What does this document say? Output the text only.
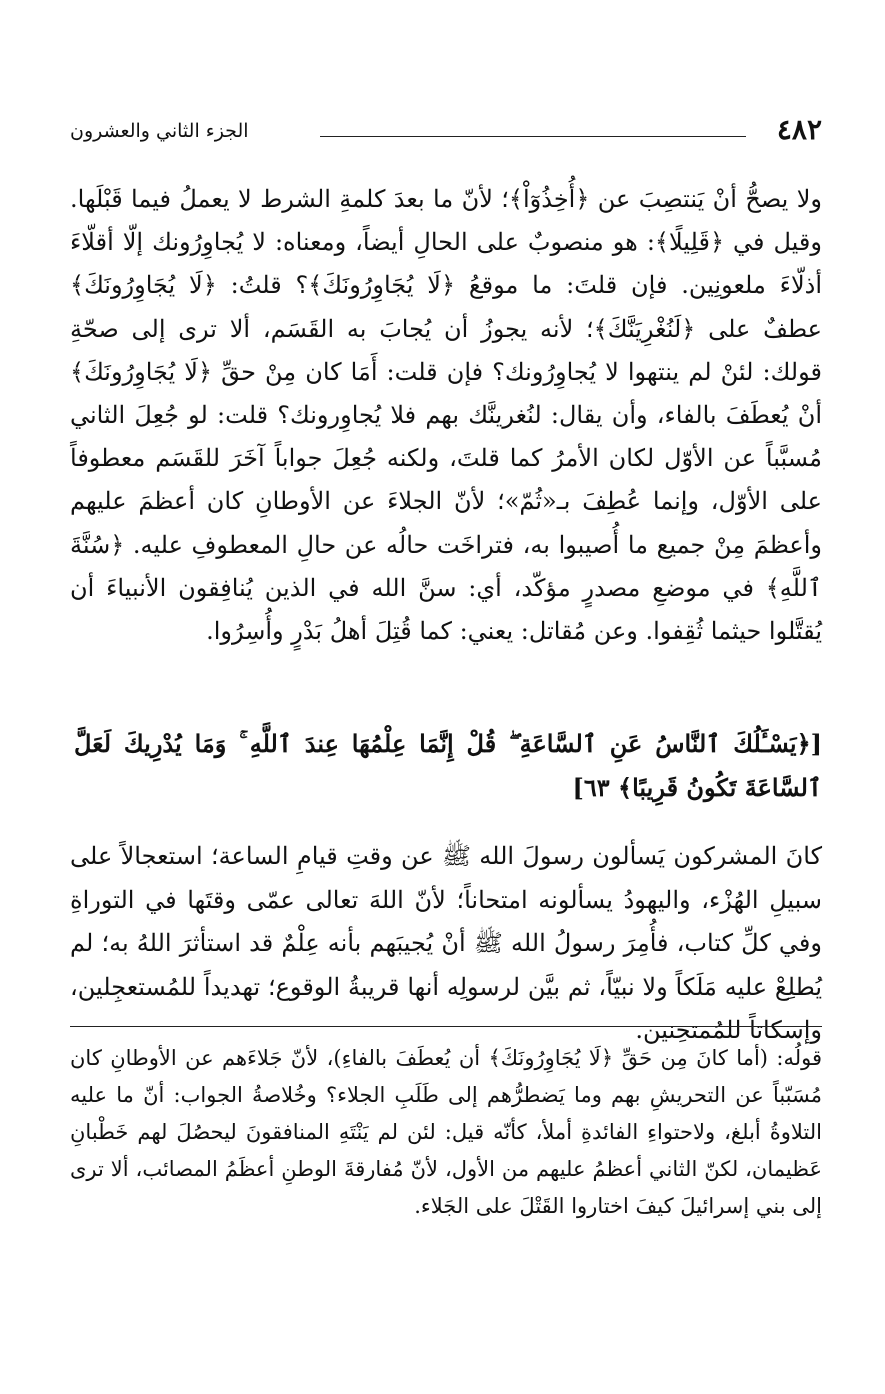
٤٨٢
الجزء الثاني والعشرون

ولا يصحُّ أنْ يَنتصِبَ عن ﴿أُخِذُوٓاْ﴾؛ لأنّ ما بعدَ كلمةِ الشرط لا يعملُ فيما قَبْلَها. وقيل في ﴿قَلِيلًا﴾: هو منصوبٌ على الحالِ أيضاً، ومعناه: لا يُجاوِرُونك إلّا أقلّاءَ أذلّاءَ ملعونِين. فإن قلتَ: ما موقعُ ﴿لَا يُجَاوِرُونَكَ﴾؟ قلتُ: ﴿لَا يُجَاوِرُونَكَ﴾ عطفٌ على ﴿لَنُغْرِيَنَّكَ﴾؛ لأنه يجوزُ أن يُجابَ به القَسَم، ألا ترى إلى صحّةِ قولك: لئنْ لم ينتهوا لا يُجاوِرُونك؟ فإن قلت: أَمَا كان مِنْ حقِّ ﴿لَا يُجَاوِرُونَكَ﴾ أنْ يُعطَفَ بالفاء، وأن يقال: لنُغرينَّك بهم فلا يُجاوِرونك؟ قلت: لو جُعِلَ الثاني مُسبَّباً عن الأوّل لكان الأمرُ كما قلتَ، ولكنه جُعِلَ جواباً آخَرَ للقَسَم معطوفاً على الأوّل، وإنما عُطِفَ بـ«ثُمّ»؛ لأنّ الجلاءَ عن الأوطانِ كان أعظمَ عليهم وأعظمَ مِنْ جميع ما أُصيبوا به، فتراخَت حالُه عن حالِ المعطوفِ عليه. ﴿سُنَّةَ ٱللَّهِ﴾ في موضعِ مصدرٍ مؤكّد، أي: سنَّ الله في الذين يُنافِقون الأنبياءَ أن يُقتَّلوا حيثما ثُقِفوا. وعن مُقاتل: يعني: كما قُتِلَ أهلُ بَدْرٍ وأُسِرُوا.

[﴿يَسْـَٔلُكَ ٱلنَّاسُ عَنِ ٱلسَّاعَةِ ۖ قُلْ إِنَّمَا عِلْمُهَا عِندَ ٱللَّهِ ۚ وَمَا يُدْرِيكَ لَعَلَّ ٱلسَّاعَةَ تَكُونُ قَرِيبًا﴾ ٦٣]

كانَ المشركون يَسألون رسولَ الله ﷺ عن وقتِ قيامِ الساعة؛ استعجالاً على سبيلِ الهُزْء، واليهودُ يسألونه امتحاناً؛ لأنّ اللهَ تعالى عمّى وقتَها في التوراةِ وفي كلِّ كتاب، فأُمِرَ رسولُ الله ﷺ أنْ يُجيبَهم بأنه عِلْمٌ قد استأثرَ اللهُ به؛ لم يُطلِعْ عليه مَلَكاً ولا نبيّاً، ثم بيَّن لرسولِه أنها قريبةُ الوقوع؛ تهديداً للمُستعجِلين، وإسكاتاً للمُمتحِنين.

قولُه: (أما كانَ مِن حَقِّ ﴿لَا يُجَاوِرُونَكَ﴾ أن يُعطَفَ بالفاءِ)، لأنّ جَلاءَهم عن الأوطانِ كان مُسَبّباً عن التحريشِ بهم وما يَضطرُّهم إلى طَلَبِ الجلاء؟ وخُلاصةُ الجواب: أنّ ما عليه التلاوةُ أبلغ، ولاحتواءِ الفائدةِ أملأ، كأنّه قيل: لئن لم يَنْتَهِ المنافقونَ ليحصُلَ لهم خَطْبانِ عَظيمان، لكنّ الثاني أعظمُ عليهم من الأول، لأنّ مُفارقةَ الوطنِ أعظَمُ المصائب، ألا ترى إلى بني إسرائيلَ كيفَ اختاروا القَتْلَ على الجَلاء.
